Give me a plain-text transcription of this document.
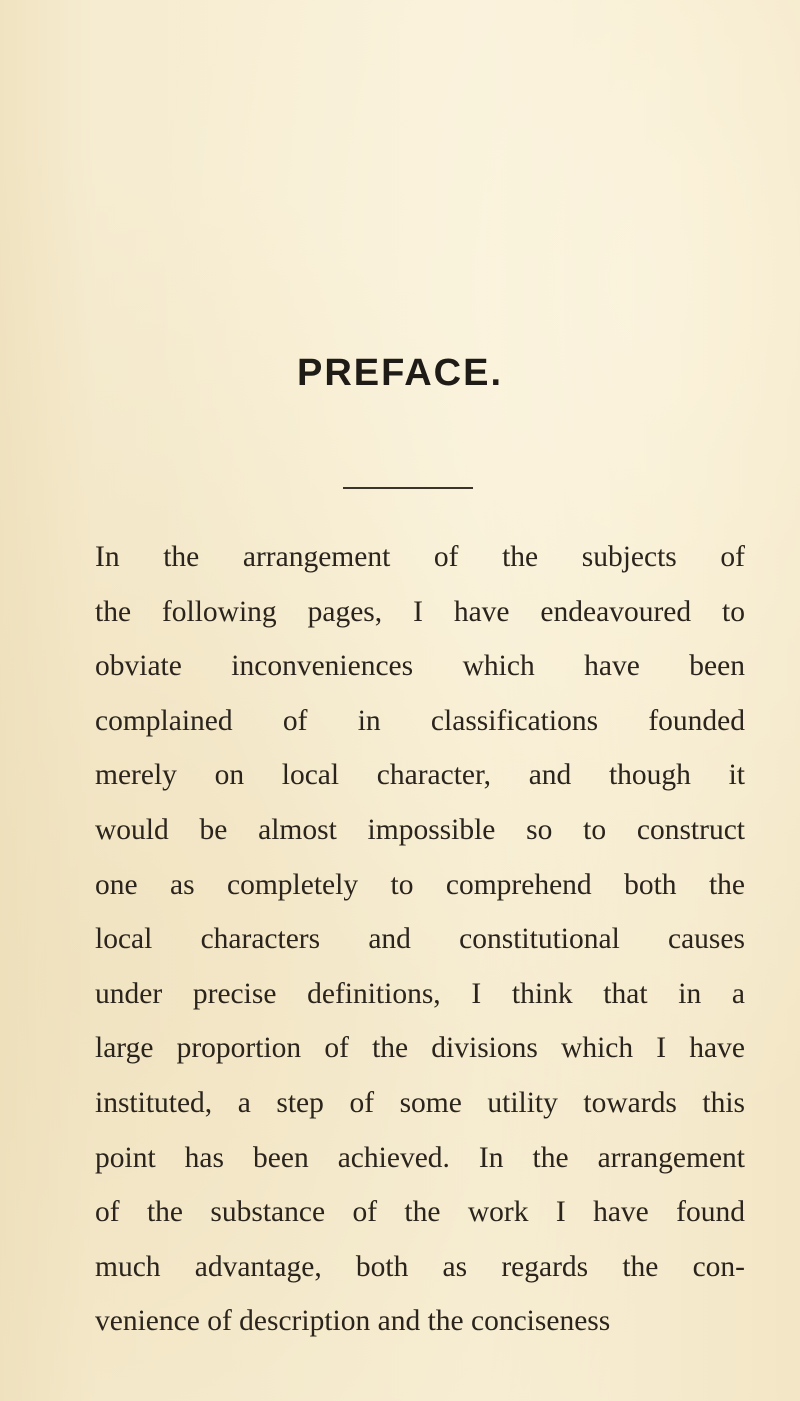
PREFACE.
In the arrangement of the subjects of
the following pages, I have endeavoured to
obviate inconveniences which have been
complained of in classifications founded
merely on local character, and though it
would be almost impossible so to construct
one as completely to comprehend both the
local characters and constitutional causes
under precise definitions, I think that in a
large proportion of the divisions which I have
instituted, a step of some utility towards this
point has been achieved. In the arrangement
of the substance of the work I have found
much advantage, both as regards the con-
venience of description and the conciseness
